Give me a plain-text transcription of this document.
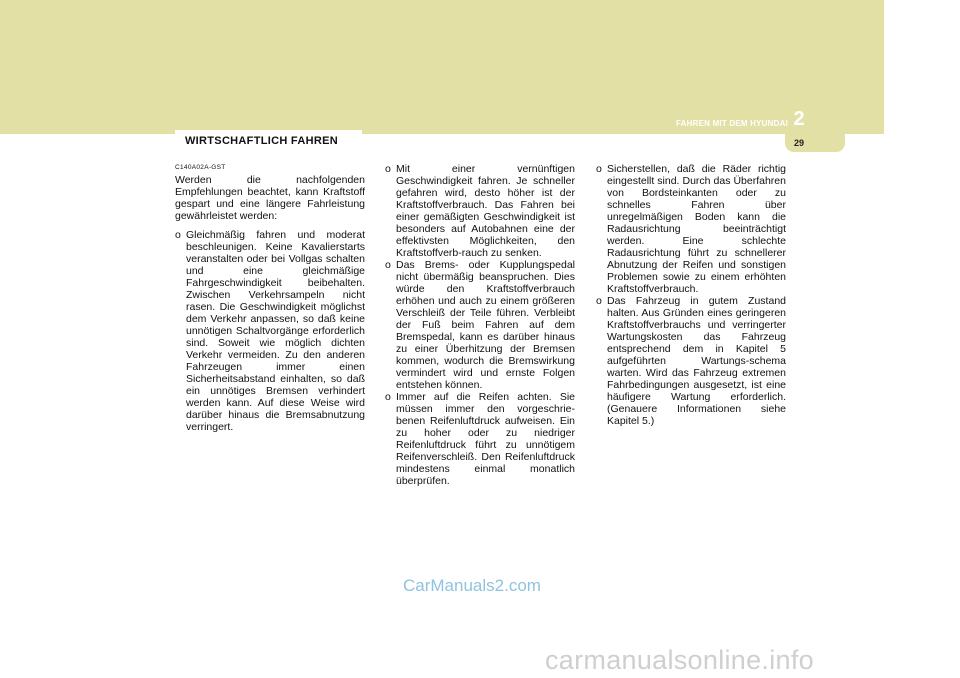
FAHREN MIT DEM HYUNDAI 2
29
WIRTSCHAFTLICH FAHREN

C140A02A-GST

Werden die nachfolgenden Empfehlungen beachtet, kann Kraftstoff gespart und eine längere Fahrleistung gewährleistet werden:

o Gleichmäßig fahren und moderat beschleunigen. Keine Kavalierstarts veranstalten oder bei Vollgas schalten und eine gleichmäßige Fahrgeschwindigkeit beibehalten. Zwischen Verkehrsampeln nicht rasen. Die Geschwindigkeit möglichst dem Verkehr anpassen, so daß keine unnötigen Schaltvorgänge erforderlich sind. Soweit wie möglich dichten Verkehr vermeiden. Zu den anderen Fahrzeugen immer einen Sicherheitsabstand einhalten, so daß ein unnötiges Bremsen verhindert werden kann. Auf diese Weise wird darüber hinaus die Bremsabnutzung verringert.
o Mit einer vernünftigen Geschwindigkeit fahren. Je schneller gefahren wird, desto höher ist der Kraftstoffverbrauch. Das Fahren bei einer gemäßigten Geschwindigkeit ist besonders auf Autobahnen eine der effektivsten Möglichkeiten, den Kraftstoffverb-rauch zu senken.
o Das Brems- oder Kupplungspedal nicht übermäßig beanspruchen. Dies würde den Kraftstoffverbrauch erhöhen und auch zu einem größeren Verschleiß der Teile führen. Verbleibt der Fuß beim Fahren auf dem Bremspedal, kann es darüber hinaus zu einer Überhitzung der Bremsen kommen, wodurch die Bremswirkung vermindert wird und ernste Folgen entstehen können.
o Immer auf die Reifen achten. Sie müssen immer den vorgeschrie-benen Reifenluftdruck aufweisen. Ein zu hoher oder zu niedriger Reifenluftdruck führt zu unnötigem Reifenverschleiß. Den Reifenluftdruck mindestens einmal monatlich überprüfen.
o Sicherstellen, daß die Räder richtig eingestellt sind. Durch das Überfahren von Bordsteinkanten oder zu schnelles Fahren über unregelmäßigen Boden kann die Radausrichtung beeinträchtigt werden. Eine schlechte Radausrichtung führt zu schnellerer Abnutzung der Reifen und sonstigen Problemen sowie zu einem erhöhten Kraftstoffverbrauch.
o Das Fahrzeug in gutem Zustand halten. Aus Gründen eines geringeren Kraftstoffverbrauchs und verringerter Wartungskosten das Fahrzeug entsprechend dem in Kapitel 5 aufgeführten Wartungs-schema warten. Wird das Fahrzeug extremen Fahrbedingungen ausgesetzt, ist eine häufigere Wartung erforderlich. (Genauere Informationen siehe Kapitel 5.)
CarManuals2.com
carmanualsonline.info
